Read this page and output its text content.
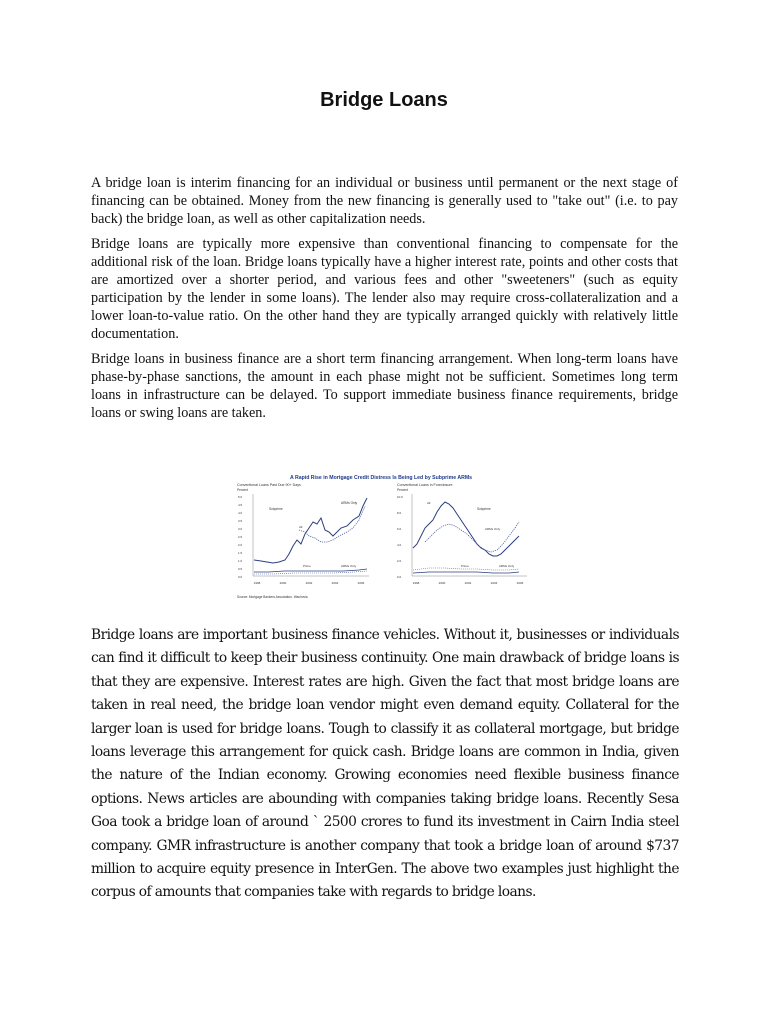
Bridge Loans

A bridge loan is interim financing for an individual or business until permanent or the next stage of financing can be obtained. Money from the new financing is generally used to "take out" (i.e. to pay back) the bridge loan, as well as other capitalization needs.

Bridge loans are typically more expensive than conventional financing to compensate for the additional risk of the loan. Bridge loans typically have a higher interest rate, points and other costs that are amortized over a shorter period, and various fees and other "sweeteners" (such as equity participation by the lender in some loans). The lender also may require cross-collateralization and a lower loan-to-value ratio. On the other hand they are typically arranged quickly with relatively little documentation.

Bridge loans in business finance are a short term financing arrangement. When long-term loans have phase-by-phase sanctions, the amount in each phase might not be sufficient. Sometimes long term loans in infrastructure can be delayed. To support immediate business finance requirements, bridge loans or swing loans are taken.

A Rapid Rise in Mortgage Credit Distress Is Being Led by Subprime ARMs
Conventional Loans Past Due 90+ Days
Percent
5.0
4.5
4.0
3.5
3.0
2.5
2.0
1.5
1.0
0.5
0.0
1998	2000	2002	2004	2006
Subprime
ARMs Only
All
Prime	ARMs Only
Conventional Loans in Foreclosure
Percent
10.0
8.0
6.0
4.0
2.0
0.0
1998	2000	2002	2004	2006
Subprime
ARMs Only
All
Prime	ARMs Only
Source: Mortgage Bankers Association, Wachovia

Bridge loans are important business finance vehicles. Without it, businesses or individuals can find it difficult to keep their business continuity. One main drawback of bridge loans is that they are expensive. Interest rates are high. Given the fact that most bridge loans are taken in real need, the bridge loan vendor might even demand equity. Collateral for the larger loan is used for bridge loans. Tough to classify it as collateral mortgage, but bridge loans leverage this arrangement for quick cash. Bridge loans are common in India, given the nature of the Indian economy. Growing economies need flexible business finance options. News articles are abounding with companies taking bridge loans. Recently Sesa Goa took a bridge loan of around ` 2500 crores to fund its investment in Cairn India steel company. GMR infrastructure is another company that took a bridge loan of around $737 million to acquire equity presence in InterGen. The above two examples just highlight the corpus of amounts that companies take with regards to bridge loans.
